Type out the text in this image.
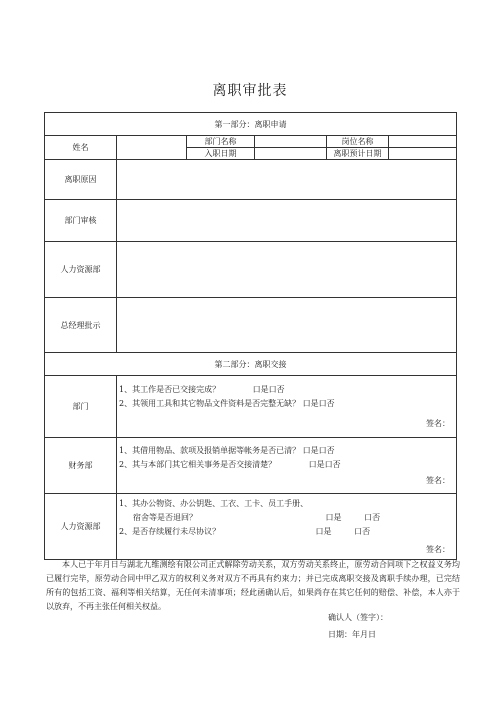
离职审批表
第一部分：离职申请					
姓名		部门名称		岗位名称	
		入职日期		离职预计日期	
离职原因					
部门审核					
人力资源部					
总经理批示					
第二部分：离职交接					
部门	1、其工作是否已交接完成？ 口是口否
2、其领用工具和其它物品文件资料是否完整无缺？ 口是口否
签名：				

财务部	1、其借用物品、款项及报销单据等帐务是否已清？ 口是口否
2、其与本部门其它相关事务是否交接清楚？ 口是口否
签名：				

人力资源部	1、其办公物资、办公钥匙、工衣、工卡、员工手册、
宿舍等是否退回？ 口是 口否
2、是否存续履行未尽协议？ 口是 口否
签名：				

本人已于年月日与湖北九维测绘有限公司正式解除劳动关系，双方劳动关系终止，原劳动合同项下之权益义务均已履行完毕，原劳动合同中甲乙双方的权利义务对双方不再具有约束力；并已完成离职交接及离职手续办理，已完结所有的包括工资、福利等相关结算，无任何未清事项；经此函确认后，如果尚存在其它任何的赔偿、补偿，本人亦于以放弃，不再主张任何相关权益。

确认人（签字）：
日期：年月日
